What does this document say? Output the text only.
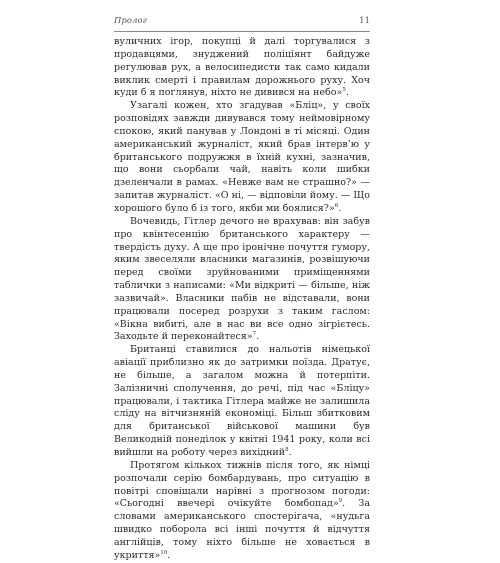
Пролог	11

вуличних ігор, покупці й далі торгувалися з продавцями, знуджений поліціянт байдуже регулював рух, а велосипедисти так само кидали виклик смерті і правилам дорожнього руху. Хоч куди б я поглянув, ніхто не дивився на небо»$^5$.

Узагалі кожен, хто згадував «Бліц», у своїх розповідях завжди дивувався тому неймовірному спокою, який панував у Лондоні в ті місяці. Один американський журналіст, який брав інтерв’ю у британського подружжя в їхній кухні, зазначив, що вони сьорбали чай, навіть коли шибки дзеленчали в рамах. «Невже вам не страшно?» — запитав журналіст. «О ні, — відповіли йому. — Що хорошого було б із того, якби ми боялися?»$^6$.

Вочевидь, Гітлер дечого не врахував: він забув про квінтесенцію британського характеру — твердість духу. А ще про іронічне почуття гумору, яким звеселяли власники магазинів, розвішуючи перед своїми зруйнованими приміщеннями таблички з написами: «Ми відкриті — більше, ніж зазвичай». Власники пабів не відставали, вони працювали посеред розрухи з таким гаслом: «Вікна вибиті, але в нас ви все одно зігрієтесь. Заходьте й переконайтеся»$^7$.

Британці ставилися до нальотів німецької авіації приблизно як до затримки поїзда. Дратує, не більше, а загалом можна й потерпіти. Залізничні сполучення, до речі, під час «Бліцу» працювали, і тактика Гітлера майже не залишила сліду на вітчизняній економіці. Більш збитковим для британської військової машини був Великодній понеділок у квітні 1941 року, коли всі вийшли на роботу через вихідний$^8$.

Протягом кількох тижнів після того, як німці розпочали серію бомбардувань, про ситуацію в повітрі сповіщали нарівні з прогнозом погоди: «Сьогодні ввечері очікуйте бомбопад»$^9$. За словами американського спостерігача, «нудьга швидко поборола всі інші почуття й відчуття англійців, тому ніхто більше не ховається в укриття»$^{10}$.
